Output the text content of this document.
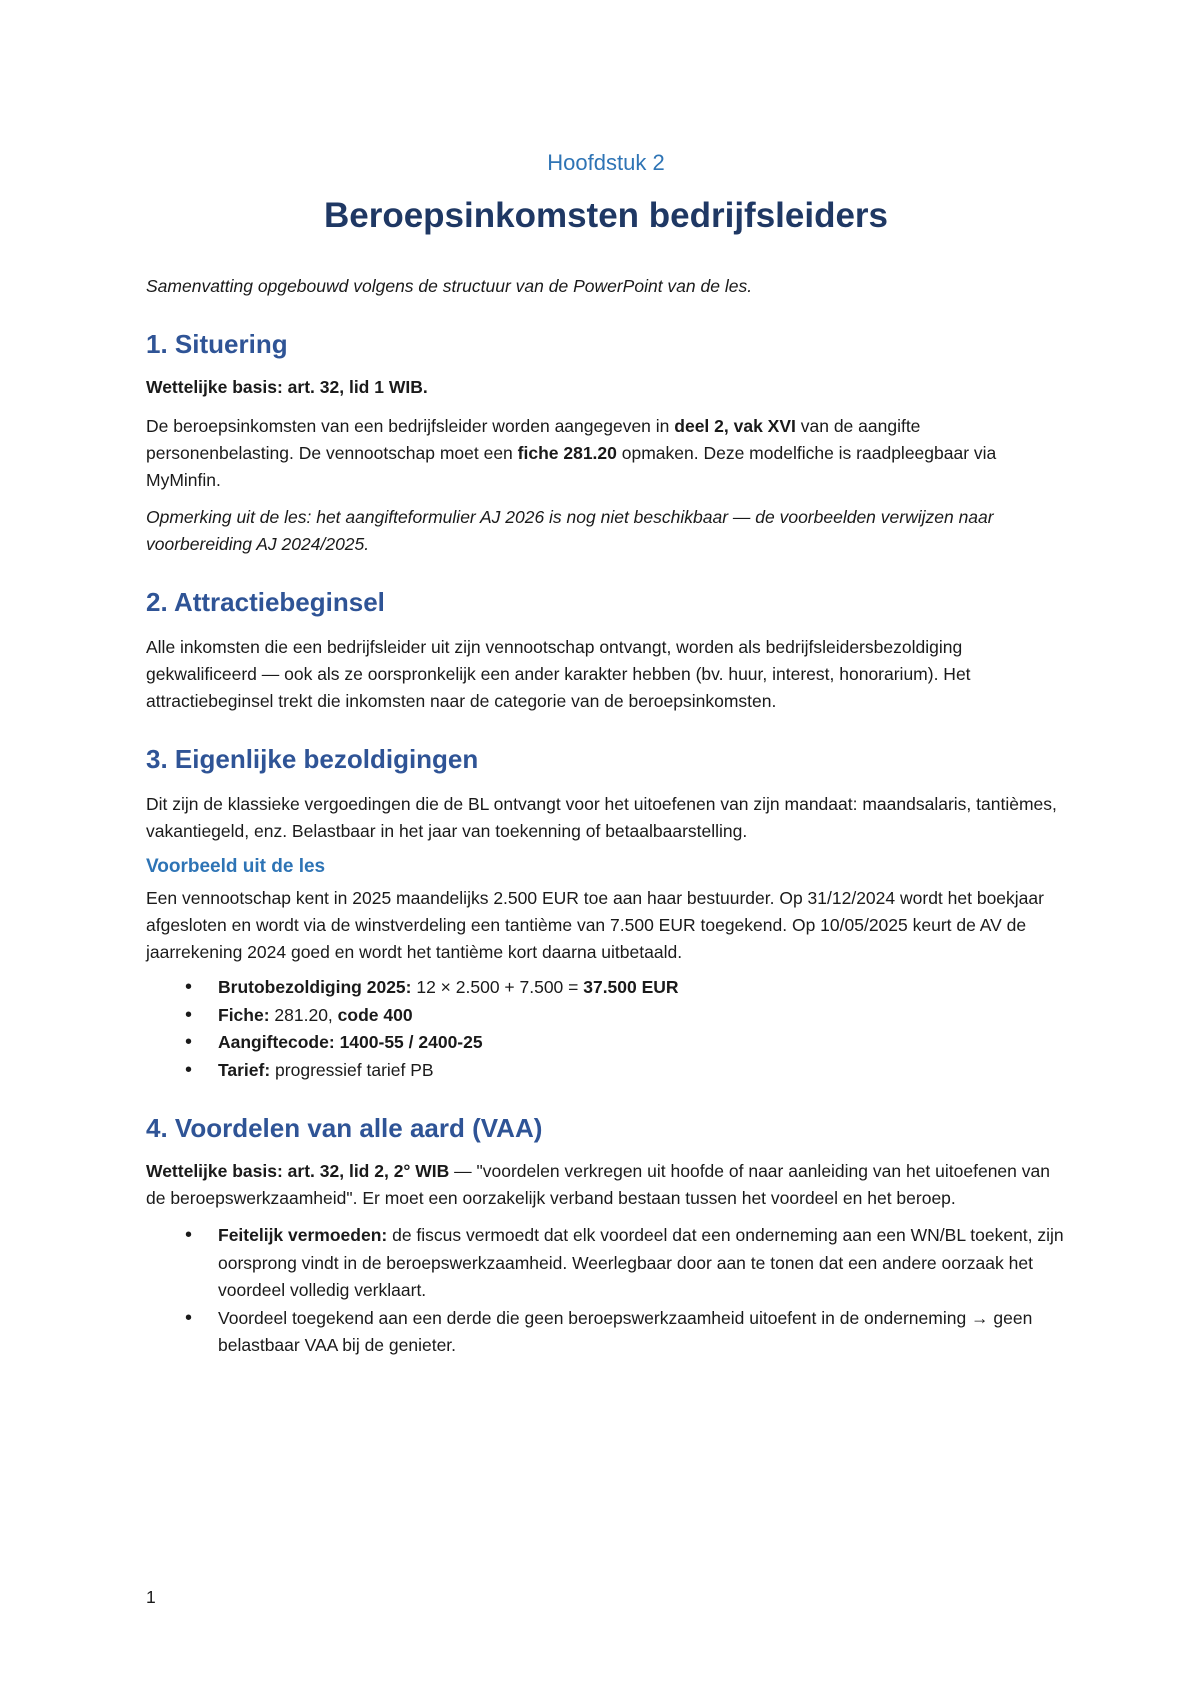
Hoofdstuk 2

Beroepsinkomsten bedrijfsleiders

Samenvatting opgebouwd volgens de structuur van de PowerPoint van de les.

1. Situering

Wettelijke basis: art. 32, lid 1 WIB.

De beroepsinkomsten van een bedrijfsleider worden aangegeven in deel 2, vak XVI van de aangifte personenbelasting. De vennootschap moet een fiche 281.20 opmaken. Deze modelfiche is raadpleegbaar via MyMinfin.

Opmerking uit de les: het aangifteformulier AJ 2026 is nog niet beschikbaar — de voorbeelden verwijzen naar voorbereiding AJ 2024/2025.

2. Attractiebeginsel

Alle inkomsten die een bedrijfsleider uit zijn vennootschap ontvangt, worden als bedrijfsleidersbezoldiging gekwalificeerd — ook als ze oorspronkelijk een ander karakter hebben (bv. huur, interest, honorarium). Het attractiebeginsel trekt die inkomsten naar de categorie van de beroepsinkomsten.

3. Eigenlijke bezoldigingen

Dit zijn de klassieke vergoedingen die de BL ontvangt voor het uitoefenen van zijn mandaat: maandsalaris, tantièmes, vakantiegeld, enz. Belastbaar in het jaar van toekenning of betaalbaarstelling.

Voorbeeld uit de les

Een vennootschap kent in 2025 maandelijks 2.500 EUR toe aan haar bestuurder. Op 31/12/2024 wordt het boekjaar afgesloten en wordt via de winstverdeling een tantième van 7.500 EUR toegekend. Op 10/05/2025 keurt de AV de jaarrekening 2024 goed en wordt het tantième kort daarna uitbetaald.

• Brutobezoldiging 2025: 12 × 2.500 + 7.500 = 37.500 EUR
• Fiche: 281.20, code 400
• Aangiftecode: 1400-55 / 2400-25
• Tarief: progressief tarief PB
4. Voordelen van alle aard (VAA)

Wettelijke basis: art. 32, lid 2, 2° WIB — "voordelen verkregen uit hoofde of naar aanleiding van het uitoefenen van de beroepswerkzaamheid". Er moet een oorzakelijk verband bestaan tussen het voordeel en het beroep.

• Feitelijk vermoeden: de fiscus vermoedt dat elk voordeel dat een onderneming aan een WN/BL toekent, zijn oorsprong vindt in de beroepswerkzaamheid. Weerlegbaar door aan te tonen dat een andere oorzaak het voordeel volledig verklaart.
• Voordeel toegekend aan een derde die geen beroepswerkzaamheid uitoefent in de onderneming → geen belastbaar VAA bij de genieter.
1
